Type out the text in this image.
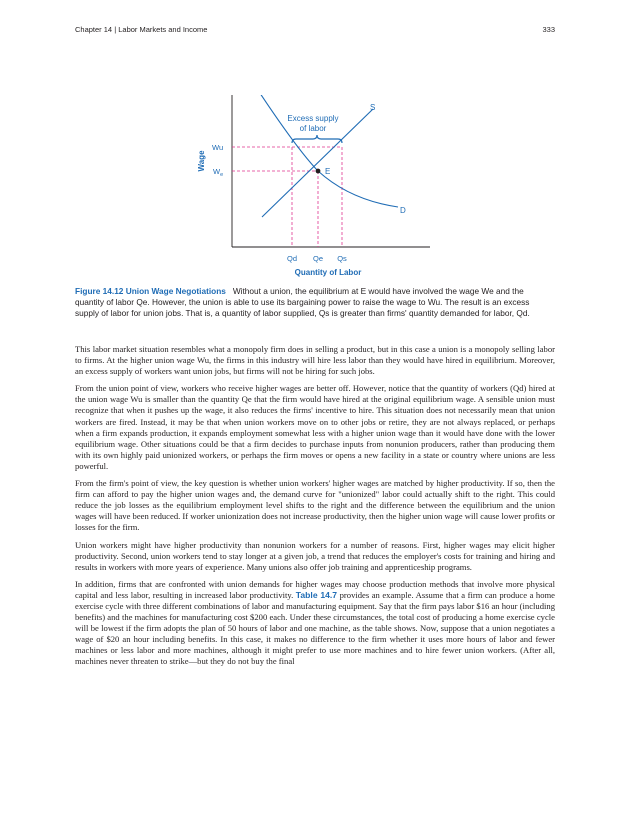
Chapter 14 | Labor Markets and Income	333
Excess supply
of labor
S
D
E
Wu
$W_e$
Qd Qe Qs
Quantity of Labor
Wage

Figure 14.12 Union Wage Negotiations Without a union, the equilibrium at E would have involved the wage We and the quantity of labor Qe. However, the union is able to use its bargaining power to raise the wage to Wu. The result is an excess supply of labor for union jobs. That is, a quantity of labor supplied, Qs is greater than firms' quantity demanded for labor, Qd.

This labor market situation resembles what a monopoly firm does in selling a product, but in this case a union is a monopoly selling labor to firms. At the higher union wage Wu, the firms in this industry will hire less labor than they would have hired in equilibrium. Moreover, an excess supply of workers want union jobs, but firms will not be hiring for such jobs.

From the union point of view, workers who receive higher wages are better off. However, notice that the quantity of workers (Qd) hired at the union wage Wu is smaller than the quantity Qe that the firm would have hired at the original equilibrium wage. A sensible union must recognize that when it pushes up the wage, it also reduces the firms' incentive to hire. This situation does not necessarily mean that union workers are fired. Instead, it may be that when union workers move on to other jobs or retire, they are not always replaced, or perhaps when a firm expands production, it expands employment somewhat less with a higher union wage than it would have done with the lower equilibrium wage. Other situations could be that a firm decides to purchase inputs from nonunion producers, rather than producing them with its own highly paid unionized workers, or perhaps the firm moves or opens a new facility in a state or country where unions are less powerful.

From the firm's point of view, the key question is whether union workers' higher wages are matched by higher productivity. If so, then the firm can afford to pay the higher union wages and, the demand curve for "unionized" labor could actually shift to the right. This could reduce the job losses as the equilibrium employment level shifts to the right and the difference between the equilibrium and the union wages will have been reduced. If worker unionization does not increase productivity, then the higher union wage will cause lower profits or losses for the firm.

Union workers might have higher productivity than nonunion workers for a number of reasons. First, higher wages may elicit higher productivity. Second, union workers tend to stay longer at a given job, a trend that reduces the employer's costs for training and hiring and results in workers with more years of experience. Many unions also offer job training and apprenticeship programs.

In addition, firms that are confronted with union demands for higher wages may choose production methods that involve more physical capital and less labor, resulting in increased labor productivity. Table 14.7 provides an example. Assume that a firm can produce a home exercise cycle with three different combinations of labor and manufacturing equipment. Say that the firm pays labor $16 an hour (including benefits) and the machines for manufacturing cost $200 each. Under these circumstances, the total cost of producing a home exercise cycle will be lowest if the firm adopts the plan of 50 hours of labor and one machine, as the table shows. Now, suppose that a union negotiates a wage of $20 an hour including benefits. In this case, it makes no difference to the firm whether it uses more hours of labor and fewer machines or less labor and more machines, although it might prefer to use more machines and to hire fewer union workers. (After all, machines never threaten to strike—but they do not buy the final
